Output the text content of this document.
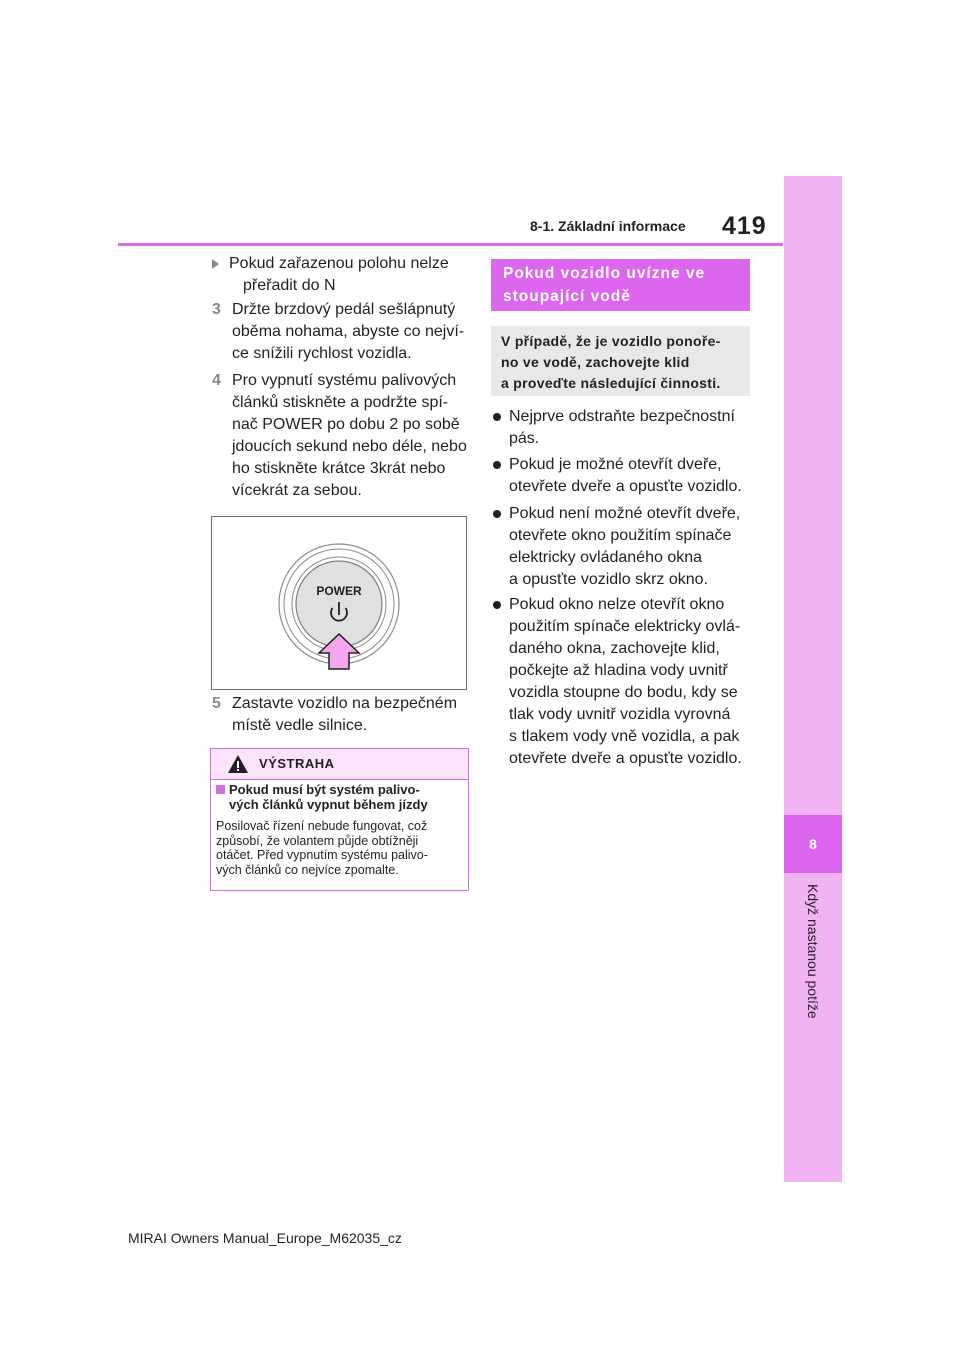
8-1. Základní informace 419
8
Když nastanou potíže
Pokud zařazenou polohu nelze
přeřadit do N
3 Držte brzdový pedál sešlápnutý
oběma nohama, abyste co nejví-
ce snížili rychlost vozidla.
4 Pro vypnutí systému palivových
článků stiskněte a podržte spí-
nač POWER po dobu 2 po sobě
jdoucích sekund nebo déle, nebo
ho stiskněte krátce 3krát nebo
vícekrát za sebou.
POWER
5 Zastavte vozidlo na bezpečném
místě vedle silnice.
VÝSTRAHA
Pokud musí být systém palivo-
vých článků vypnut během jízdy
Posilovač řízení nebude fungovat, což
způsobí, že volantem půjde obtížněji
otáčet. Před vypnutím systému palivo-
vých článků co nejvíce zpomalte.
Pokud vozidlo uvízne ve
stoupající vodě
V případě, že je vozidlo ponoře-
no ve vodě, zachovejte klid
a proveďte následující činnosti.
Nejprve odstraňte bezpečnostní
pás.
Pokud je možné otevřít dveře,
otevřete dveře a opusťte vozidlo.
Pokud není možné otevřít dveře,
otevřete okno použitím spínače
elektricky ovládaného okna
a opusťte vozidlo skrz okno.
Pokud okno nelze otevřít okno
použitím spínače elektricky ovlá-
daného okna, zachovejte klid,
počkejte až hladina vody uvnitř
vozidla stoupne do bodu, kdy se
tlak vody uvnitř vozidla vyrovná
s tlakem vody vně vozidla, a pak
otevřete dveře a opusťte vozidlo.
MIRAI Owners Manual_Europe_M62035_cz
